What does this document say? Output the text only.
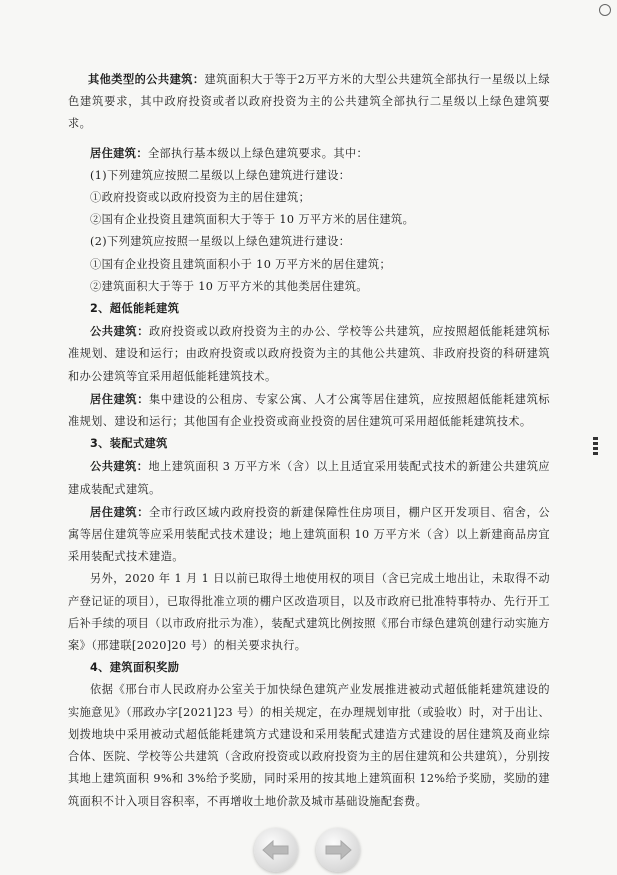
其他类型的公共建筑：建筑面积大于等于2万平方米的大型公共建筑全部执行一星级以上绿色建筑要求，其中政府投资或者以政府投资为主的公共建筑全部执行二星级以上绿色建筑要求。

居住建筑：全部执行基本级以上绿色建筑要求。其中：

(1)下列建筑应按照二星级以上绿色建筑进行建设：

①政府投资或以政府投资为主的居住建筑；

②国有企业投资且建筑面积大于等于 10 万平方米的居住建筑。

(2)下列建筑应按照一星级以上绿色建筑进行建设：

①国有企业投资且建筑面积小于 10 万平方米的居住建筑；

②建筑面积大于等于 10 万平方米的其他类居住建筑。

2、超低能耗建筑

公共建筑：政府投资或以政府投资为主的办公、学校等公共建筑，应按照超低能耗建筑标准规划、建设和运行；由政府投资或以政府投资为主的其他公共建筑、非政府投资的科研建筑和办公建筑等宜采用超低能耗建筑技术。

居住建筑：集中建设的公租房、专家公寓、人才公寓等居住建筑，应按照超低能耗建筑标准规划、建设和运行；其他国有企业投资或商业投资的居住建筑可采用超低能耗建筑技术。

3、装配式建筑

公共建筑：地上建筑面积 3 万平方米（含）以上且适宜采用装配式技术的新建公共建筑应建成装配式建筑。

居住建筑：全市行政区域内政府投资的新建保障性住房项目，棚户区开发项目、宿舍，公寓等居住建筑等应采用装配式技术建设；地上建筑面积 10 万平方米（含）以上新建商品房宜采用装配式技术建造。

另外，2020 年 1 月 1 日以前已取得土地使用权的项目（含已完成土地出让，未取得不动产登记证的项目），已取得批准立项的棚户区改造项目，以及市政府已批准特事特办、先行开工后补手续的项目（以市政府批示为准），装配式建筑比例按照《邢台市绿色建筑创建行动实施方案》（邢建联[2020]20 号）的相关要求执行。

4、建筑面积奖励

依据《邢台市人民政府办公室关于加快绿色建筑产业发展推进被动式超低能耗建筑建设的实施意见》（邢政办字[2021]23 号）的相关规定，在办理规划审批（或验收）时，对于出让、划拨地块中采用被动式超低能耗建筑方式建设和采用装配式建造方式建设的居住建筑及商业综合体、医院、学校等公共建筑（含政府投资或以政府投资为主的居住建筑和公共建筑），分别按其地上建筑面积 9%和 3%给予奖励，同时采用的按其地上建筑面积 12%给予奖励，奖励的建筑面积不计入项目容积率，不再增收土地价款及城市基础设施配套费。
